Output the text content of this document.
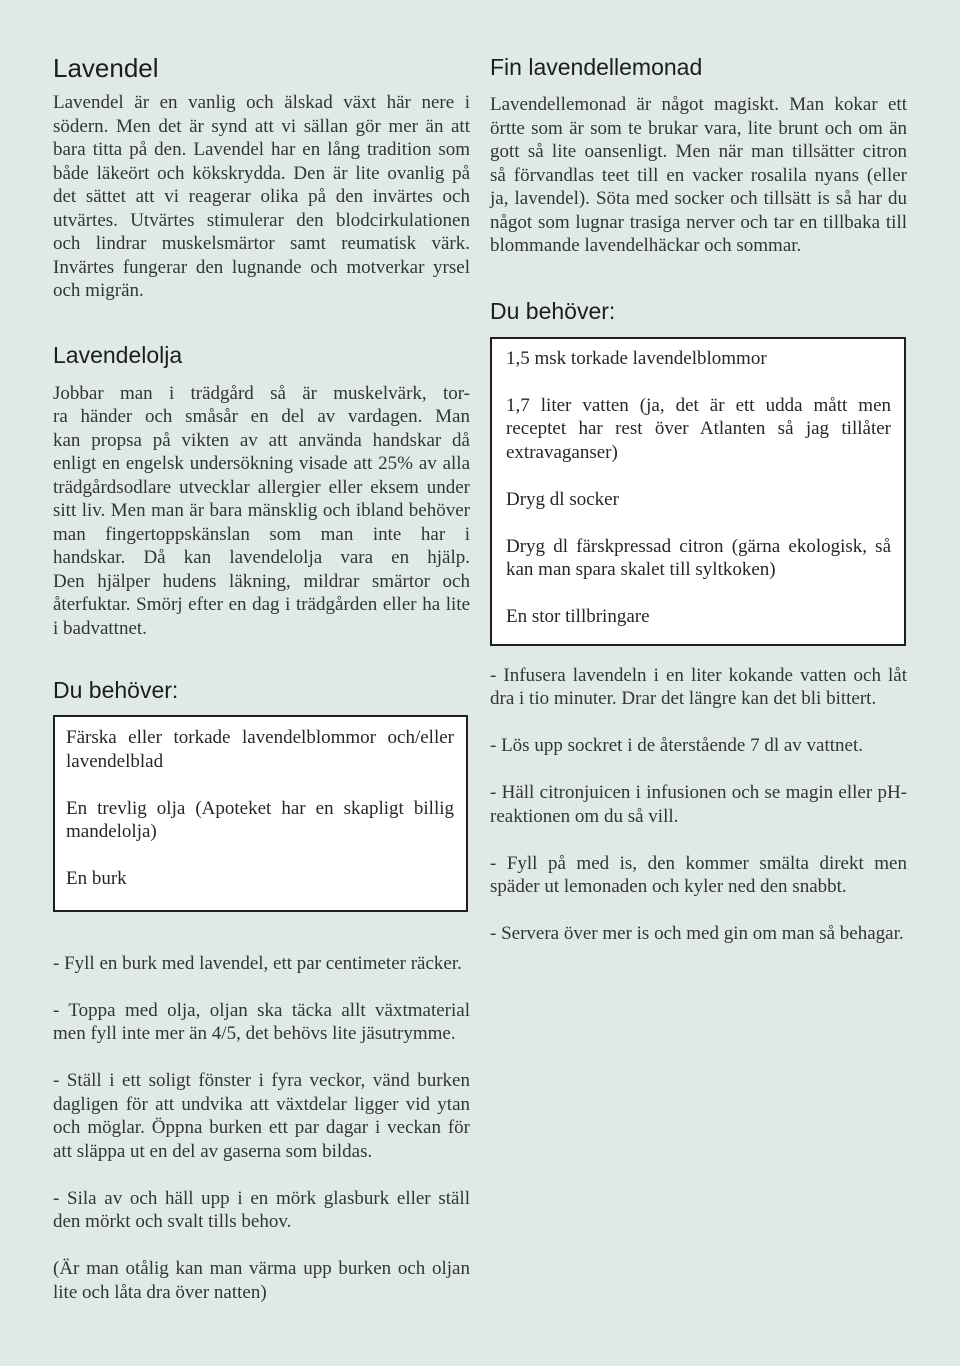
Lavendel
Lavendel är en vanlig och älskad växt här nere i
södern. Men det är synd att vi sällan gör mer än att
bara titta på den. Lavendel har en lång tradition som
både läkeört och kökskrydda. Den är lite ovanlig på
det sättet att vi reagerar olika på den invärtes och
utvärtes. Utvärtes stimulerar den blodcirkulationen
och lindrar muskelsmärtor samt reumatisk värk.
Invärtes fungerar den lugnande och motverkar yrsel
och migrän.
Lavendelolja
Jobbar man i trädgård så är muskelvärk, tor-
ra händer och småsår en del av vardagen. Man
kan propsa på vikten av att använda handskar då
enligt en engelsk undersökning visade att 25% av alla
trädgårdsodlare utvecklar allergier eller eksem under
sitt liv. Men man är bara mänsklig och ibland behöver
man fingertoppskänslan som man inte har i
handskar. Då kan lavendelolja vara en hjälp.
Den hjälper hudens läkning, mildrar smärtor och
återfuktar. Smörj efter en dag i trädgården eller ha lite
i badvattnet.
Du behöver:
Färska eller torkade lavendelblommor och/eller
lavendelblad
En trevlig olja (Apoteket har en skapligt billig
mandelolja)
En burk
- Fyll en burk med lavendel, ett par centimeter räcker.
- Toppa med olja, oljan ska täcka allt växtmaterial
men fyll inte mer än 4/5, det behövs lite jäsutrymme.
- Ställ i ett soligt fönster i fyra veckor, vänd burken
dagligen för att undvika att växtdelar ligger vid ytan
och möglar. Öppna burken ett par dagar i veckan för
att släppa ut en del av gaserna som bildas.
- Sila av och häll upp i en mörk glasburk eller ställ
den mörkt och svalt tills behov.
(Är man otålig kan man värma upp burken och oljan
lite och låta dra över natten)
Fin lavendellemonad
Lavendellemonad är något magiskt. Man kokar ett
örtte som är som te brukar vara, lite brunt och om än
gott så lite oansenligt. Men när man tillsätter citron
så förvandlas teet till en vacker rosalila nyans (eller
ja, lavendel). Söta med socker och tillsätt is så har du
något som lugnar trasiga nerver och tar en tillbaka till
blommande lavendelhäckar och sommar.
Du behöver:
1,5 msk torkade lavendelblommor
1,7 liter vatten (ja, det är ett udda mått men
receptet har rest över Atlanten så jag tillåter
extravaganser)
Dryg dl socker
Dryg dl färskpressad citron (gärna ekologisk, så
kan man spara skalet till syltkoken)
En stor tillbringare
- Infusera lavendeln i en liter kokande vatten och låt
dra i tio minuter. Drar det längre kan det bli bittert.
- Lös upp sockret i de återstående 7 dl av vattnet.
- Häll citronjuicen i infusionen och se magin eller pH-
reaktionen om du så vill.
- Fyll på med is, den kommer smälta direkt men
späder ut lemonaden och kyler ned den snabbt.
- Servera över mer is och med gin om man så behagar.
